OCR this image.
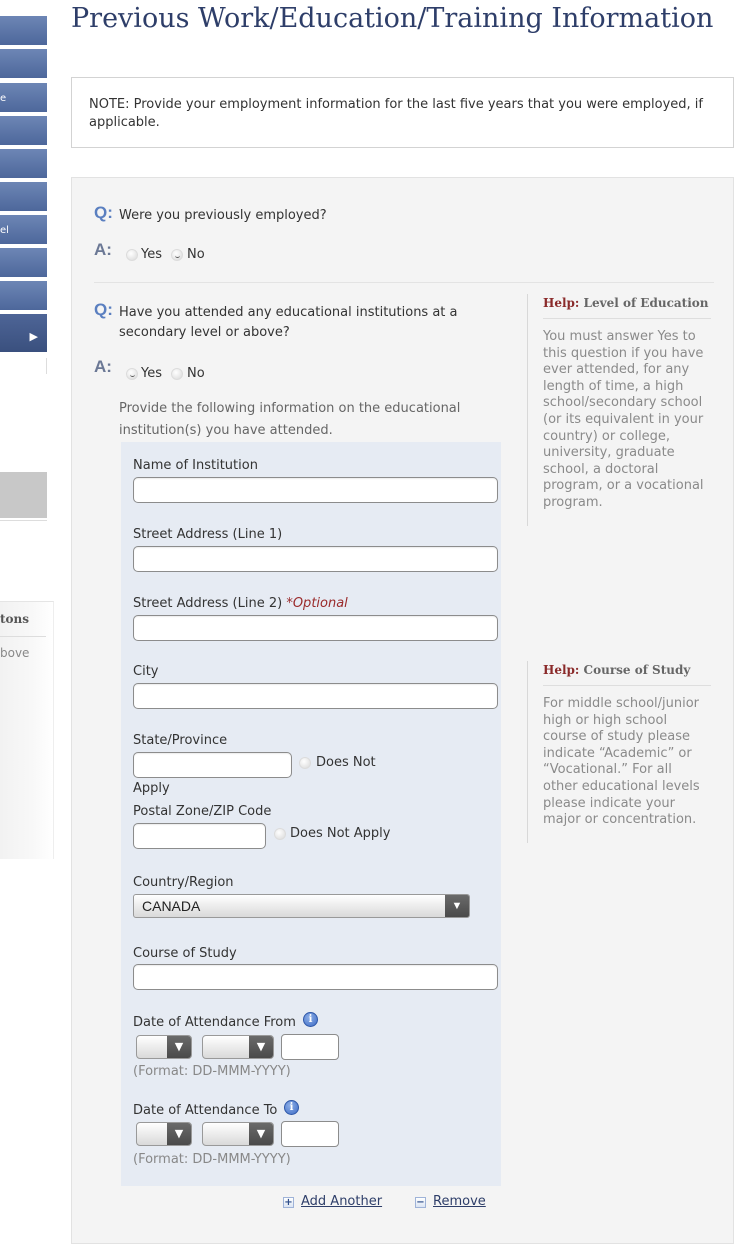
e
el
▶
tons
bove
Previous Work/Education/Training Information
NOTE: Provide your employment information for the last five years that you were employed, if applicable.
Q: Were you previously employed?
A: Yes No
Q: Have you attended any educational institutions at a secondary level or above?
A: Yes No
Provide the following information on the educational institution(s) you have attended.
Name of Institution
Street Address (Line 1)
Street Address (Line 2) *Optional
City
State/Province
Does Not
Apply
Postal Zone/ZIP Code
Does Not Apply
Country/Region
CANADA	▼
Course of Study
Date of Attendance From	i
▼	▼
(Format: DD-MMM-YYYY)
Date of Attendance To	i
▼	▼
(Format: DD-MMM-YYYY)
+ Add Another	− Remove
Help: Level of Education
You must answer Yes to this question if you have ever attended, for any length of time, a high school/secondary school (or its equivalent in your country) or college, university, graduate school, a doctoral program, or a vocational program.
Help: Course of Study
For middle school/junior high or high school course of study please indicate “Academic” or “Vocational.” For all other educational levels please indicate your major or concentration.
